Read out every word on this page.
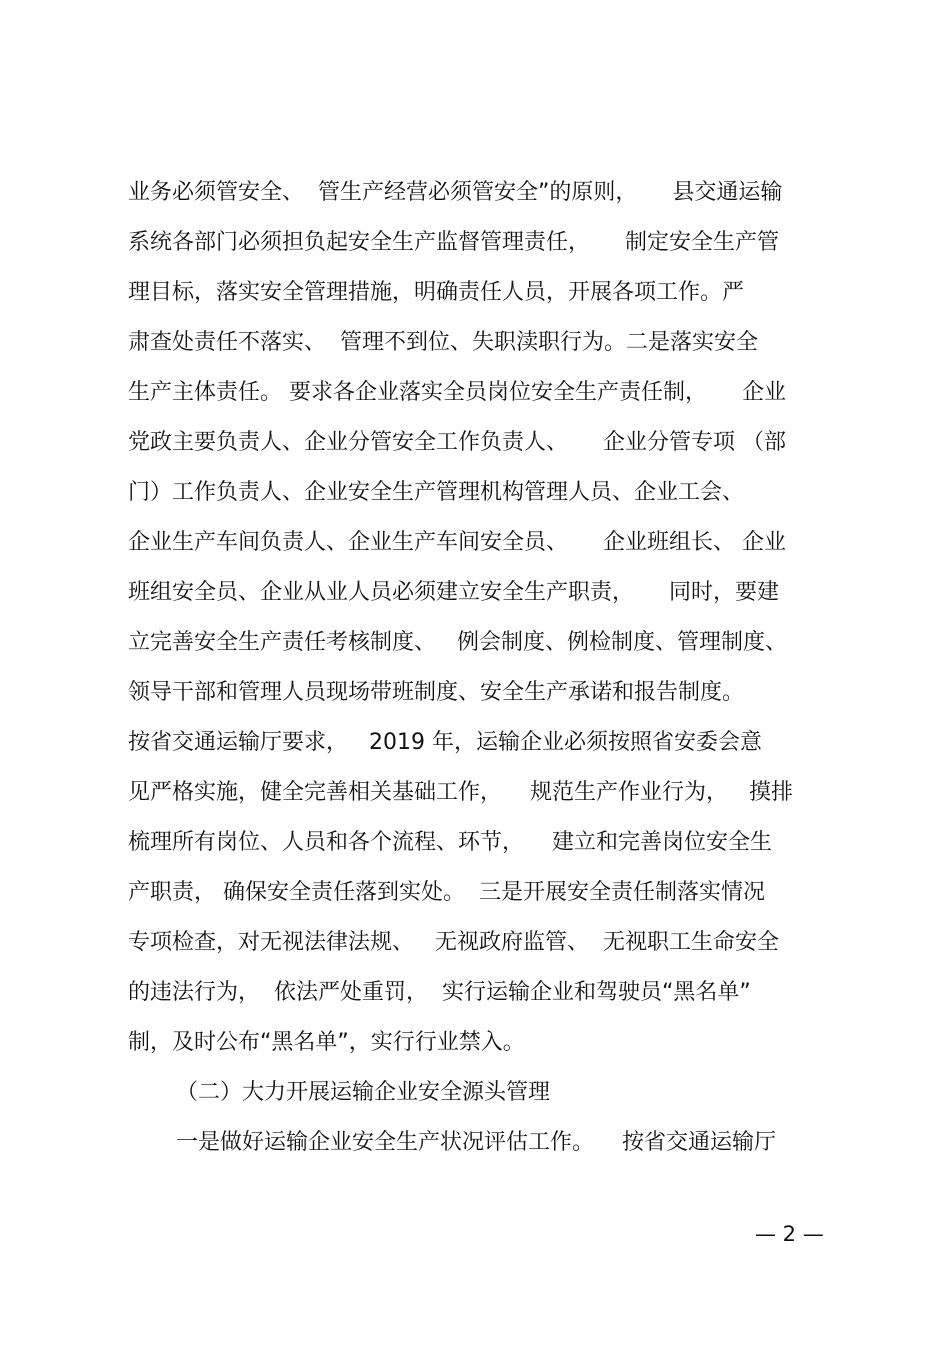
业务必须管安全、  管生产经营必须管安全”的原则，     县交通运输
系统各部门必须担负起安全生产监督管理责任，     制定安全生产管
理目标，落实安全管理措施，明确责任人员，开展各项工作。严
肃查处责任不落实、  管理不到位、失职渎职行为。二是落实安全
生产主体责任。 要求各企业落实全员岗位安全生产责任制，     企业
党政主要负责人、企业分管安全工作负责人、     企业分管专项 （部
门）工作负责人、企业安全生产管理机构管理人员、企业工会、
企业生产车间负责人、企业生产车间安全员、     企业班组长、 企业
班组安全员、企业从业人员必须建立安全生产职责，     同时，要建
立完善安全生产责任考核制度、   例会制度、例检制度、管理制度、
领导干部和管理人员现场带班制度、安全生产承诺和报告制度。
按省交通运输厅要求，   2019 年，运输企业必须按照省安委会意
见严格实施，健全完善相关基础工作，    规范生产作业行为，   摸排
梳理所有岗位、人员和各个流程、环节，    建立和完善岗位安全生
产职责， 确保安全责任落到实处。  三是开展安全责任制落实情况
专项检查，对无视法律法规、   无视政府监管、  无视职工生命安全
的违法行为，  依法严处重罚，  实行运输企业和驾驶员“黑名单”
制，及时公布“黑名单”，实行行业禁入。
（二）大力开展运输企业安全源头管理
一是做好运输企业安全生产状况评估工作。    按省交通运输厅
— 2 —
